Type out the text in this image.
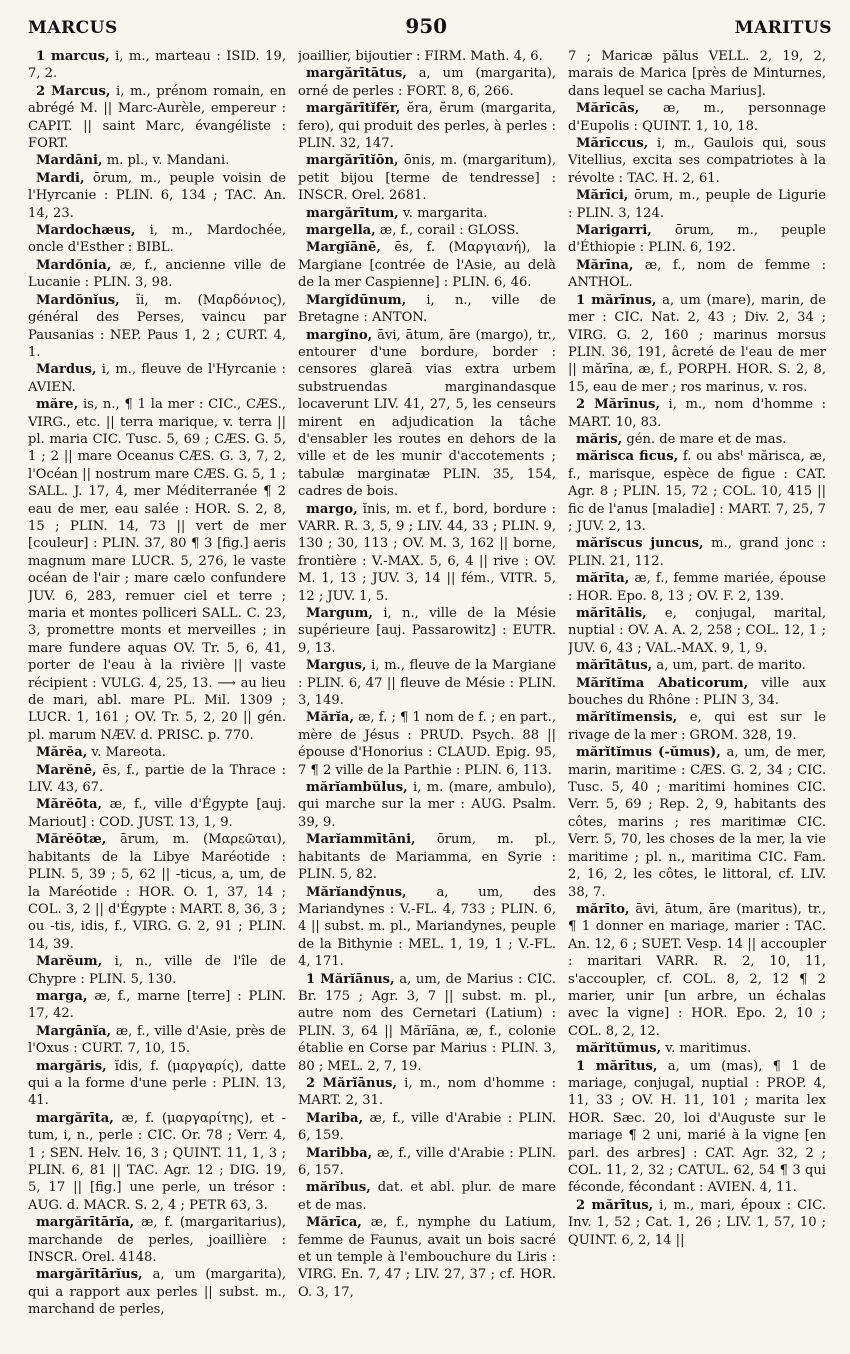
MARCUS	950	MARITUS

1 marcus, i, m., marteau : ISID. 19, 7, 2.

2 Marcus, i, m., prénom romain, en abrégé M. || Marc-Aurèle, empereur : CAPIT. || saint Marc, évangéliste : FORT.

Mardāni, m. pl., v. Mandani.

Mardi, ōrum, m., peuple voisin de l'Hyrcanie : PLIN. 6, 134 ; TAC. An. 14, 23.

Mardochæus, i, m., Mardochée, oncle d'Esther : BIBL.

Mardŏnia, æ, f., ancienne ville de Lucanie : PLIN. 3, 98.

Mardŏnĭus, ĭi, m. (Μαρδόνιος), général des Perses, vaincu par Pausanias : NEP. Paus 1, 2 ; CURT. 4, 1.

Mardus, i, m., fleuve de l'Hyrcanie : AVIEN.

măre, is, n., ¶ 1 la mer : CIC., CÆS., VIRG., etc. || terra marique, v. terra || pl. maria CIC. Tusc. 5, 69 ; CÆS. G. 5, 1 ; 2 || mare Oceanus CÆS. G. 3, 7, 2, l'Océan || nostrum mare CÆS. G. 5, 1 ; SALL. J. 17, 4, mer Méditerranée ¶ 2 eau de mer, eau salée : HOR. S. 2, 8, 15 ; PLIN. 14, 73 || vert de mer [couleur] : PLIN. 37, 80 ¶ 3 [fig.] aeris magnum mare LUCR. 5, 276, le vaste océan de l'air ; mare cælo confundere JUV. 6, 283, remuer ciel et terre ; maria et montes polliceri SALL. C. 23, 3, promettre monts et merveilles ; in mare fundere aquas OV. Tr. 5, 6, 41, porter de l'eau à la rivière || vaste récipient : VULG. 4, 25, 13. ⟶ au lieu de mari, abl. mare PL. Mil. 1309 ; LUCR. 1, 161 ; OV. Tr. 5, 2, 20 || gén. pl. marum NÆV. d. PRISC. p. 770.

Mărĕa, v. Mareota.

Marĕnē, ēs, f., partie de la Thrace : LIV. 43, 67.

Mărĕōta, æ, f., ville d'Égypte [auj. Mariout] : COD. JUST. 13, 1, 9.

Mărĕōtæ, ārum, m. (Μαρεῶται), habitants de la Libye Maréotide : PLIN. 5, 39 ; 5, 62 || -ticus, a, um, de la Maréotide : HOR. O. 1, 37, 14 ; COL. 3, 2 || d'Égypte : MART. 8, 36, 3 ; ou -tis, idis, f., VIRG. G. 2, 91 ; PLIN. 14, 39.

Marĕum, i, n., ville de l'île de Chypre : PLIN. 5, 130.

marga, æ, f., marne [terre] : PLIN. 17, 42.

Margānĭa, æ, f., ville d'Asie, près de l'Oxus : CURT. 7, 10, 15.

margăris, ĭdis, f. (μαργαρίς), datte qui a la forme d'une perle : PLIN. 13, 41.

margărīta, æ, f. (μαργαρίτης), et -tum, i, n., perle : CIC. Or. 78 ; Verr. 4, 1 ; SEN. Helv. 16, 3 ; QUINT. 11, 1, 3 ; PLIN. 6, 81 || TAC. Agr. 12 ; DIG. 19, 5, 17 || [fig.] une perle, un trésor : AUG. d. MACR. S. 2, 4 ; PETR 63, 3.

margărītārĭa, æ, f. (margaritarius), marchande de perles, joaillière : INSCR. Orel. 4148.

margărītārĭus, a, um (margarita), qui a rapport aux perles || subst. m., marchand de perles,

joaillier, bijoutier : FIRM. Math. 4, 6.

margărītātus, a, um (margarita), orné de perles : FORT. 8, 6, 266.

margărītĭfĕr, ĕra, ĕrum (margarita, fero), qui produit des perles, à perles : PLIN. 32, 147.

margărītĭōn, ōnis, m. (margaritum), petit bijou [terme de tendresse] : INSCR. Orel. 2681.

margărītum, v. margarita.

margella, æ, f., corail : GLOSS.

Margĭānē, ēs, f. (Μαργιανή), la Margiane [contrée de l'Asie, au delà de la mer Caspienne] : PLIN. 6, 46.

Margĭdūnum, i, n., ville de Bretagne : ANTON.

margĭno, āvi, ātum, āre (margo), tr., entourer d'une bordure, border : censores glareā vias extra urbem substruendas marginandasque locaverunt LIV. 41, 27, 5, les censeurs mirent en adjudication la tâche d'ensabler les routes en dehors de la ville et de les munir d'accotements ; tabulæ marginatæ PLIN. 35, 154, cadres de bois.

margo, ĭnis, m. et f., bord, bordure : VARR. R. 3, 5, 9 ; LIV. 44, 33 ; PLIN. 9, 130 ; 30, 113 ; OV. M. 3, 162 || borne, frontière : V.-MAX. 5, 6, 4 || rive : OV. M. 1, 13 ; JUV. 3, 14 || fém., VITR. 5, 12 ; JUV. 1, 5.

Margum, i, n., ville de la Mésie supérieure [auj. Passarowitz] : EUTR. 9, 13.

Margus, i, m., fleuve de la Margiane : PLIN. 6, 47 || fleuve de Mésie : PLIN. 3, 149.

Mărĭa, æ, f. ; ¶ 1 nom de f. ; en part., mère de Jésus : PRUD. Psych. 88 || épouse d'Honorius : CLAUD. Epig. 95, 7 ¶ 2 ville de la Parthie : PLIN. 6, 113.

mărĭambŭlus, i, m. (mare, ambulo), qui marche sur la mer : AUG. Psalm. 39, 9.

Marĭammītāni, ōrum, m. pl., habitants de Mariamma, en Syrie : PLIN. 5, 82.

Mărĭandȳnus, a, um, des Mariandynes : V.-FL. 4, 733 ; PLIN. 6, 4 || subst. m. pl., Mariandynes, peuple de la Bithynie : MEL. 1, 19, 1 ; V.-FL. 4, 171.

1 Mărĭānus, a, um, de Marius : CIC. Br. 175 ; Agr. 3, 7 || subst. m. pl., autre nom des Cernetari (Latium) : PLIN. 3, 64 || Mărĭāna, æ, f., colonie établie en Corse par Marius : PLIN. 3, 80 ; MEL. 2, 7, 19.

2 Mărĭānus, i, m., nom d'homme : MART. 2, 31.

Mariba, æ, f., ville d'Arabie : PLIN. 6, 159.

Maribba, æ, f., ville d'Arabie : PLIN. 6, 157.

mărĭbus, dat. et abl. plur. de mare et de mas.

Mărīca, æ, f., nymphe du Latium, femme de Faunus, avait un bois sacré et un temple à l'embouchure du Liris : VIRG. En. 7, 47 ; LIV. 27, 37 ; cf. HOR. O. 3, 17,

7 ; Maricæ pălus VELL. 2, 19, 2, marais de Marica [près de Minturnes, dans lequel se cacha Marius].

Mărīcās, æ, m., personnage d'Eupolis : QUINT. 1, 10, 18.

Mărīccus, i, m., Gaulois qui, sous Vitellius, excita ses compatriotes à la révolte : TAC. H. 2, 61.

Mărīci, ōrum, m., peuple de Ligurie : PLIN. 3, 124.

Marigarri, ōrum, m., peuple d'Éthiopie : PLIN. 6, 192.

Mărīna, æ, f., nom de femme : ANTHOL.

1 mărīnus, a, um (mare), marin, de mer : CIC. Nat. 2, 43 ; Div. 2, 34 ; VIRG. G. 2, 160 ; marinus morsus PLIN. 36, 191, âcreté de l'eau de mer || mărīna, æ, f., PORPH. HOR. S. 2, 8, 15, eau de mer ; ros marinus, v. ros.

2 Mărīnus, i, m., nom d'homme : MART. 10, 83.

măris, gén. de mare et de mas.

mărisca ficus, f. ou absᵗ mărisca, æ, f., marisque, espèce de figue : CAT. Agr. 8 ; PLIN. 15, 72 ; COL. 10, 415 || fic de l'anus [maladie] : MART. 7, 25, 7 ; JUV. 2, 13.

mărĭscus juncus, m., grand jonc : PLIN. 21, 112.

mărīta, æ, f., femme mariée, épouse : HOR. Epo. 8, 13 ; OV. F. 2, 139.

mărītālis, e, conjugal, marital, nuptial : OV. A. A. 2, 258 ; COL. 12, 1 ; JUV. 6, 43 ; VAL.-MAX. 9, 1, 9.

mărītātus, a, um, part. de marito.

Mărĭtĭma Abaticorum, ville aux bouches du Rhône : PLIN 3, 34.

mărĭtĭmensis, e, qui est sur le rivage de la mer : GROM. 328, 19.

mărĭtĭmus (-ŭmus), a, um, de mer, marin, maritime : CÆS. G. 2, 34 ; CIC. Tusc. 5, 40 ; maritimi homines CIC. Verr. 5, 69 ; Rep. 2, 9, habitants des côtes, marins ; res maritimæ CIC. Verr. 5, 70, les choses de la mer, la vie maritime ; pl. n., maritima CIC. Fam. 2, 16, 2, les côtes, le littoral, cf. LIV. 38, 7.

mărīto, āvi, ātum, āre (maritus), tr., ¶ 1 donner en mariage, marier : TAC. An. 12, 6 ; SUET. Vesp. 14 || accoupler : maritari VARR. R. 2, 10, 11, s'accoupler, cf. COL. 8, 2, 12 ¶ 2 marier, unir [un arbre, un échalas avec la vigne] : HOR. Epo. 2, 10 ; COL. 8, 2, 12.

mărĭtŭmus, v. maritimus.

1 mărītus, a, um (mas), ¶ 1 de mariage, conjugal, nuptial : PROP. 4, 11, 33 ; OV. H. 11, 101 ; marita lex HOR. Sæc. 20, loi d'Auguste sur le mariage ¶ 2 uni, marié à la vigne [en parl. des arbres] : CAT. Agr. 32, 2 ; COL. 11, 2, 32 ; CATUL. 62, 54 ¶ 3 qui féconde, fécondant : AVIEN. 4, 11.

2 mărītus, i, m., mari, époux : CIC. Inv. 1, 52 ; Cat. 1, 26 ; LIV. 1, 57, 10 ; QUINT. 6, 2, 14 ||
